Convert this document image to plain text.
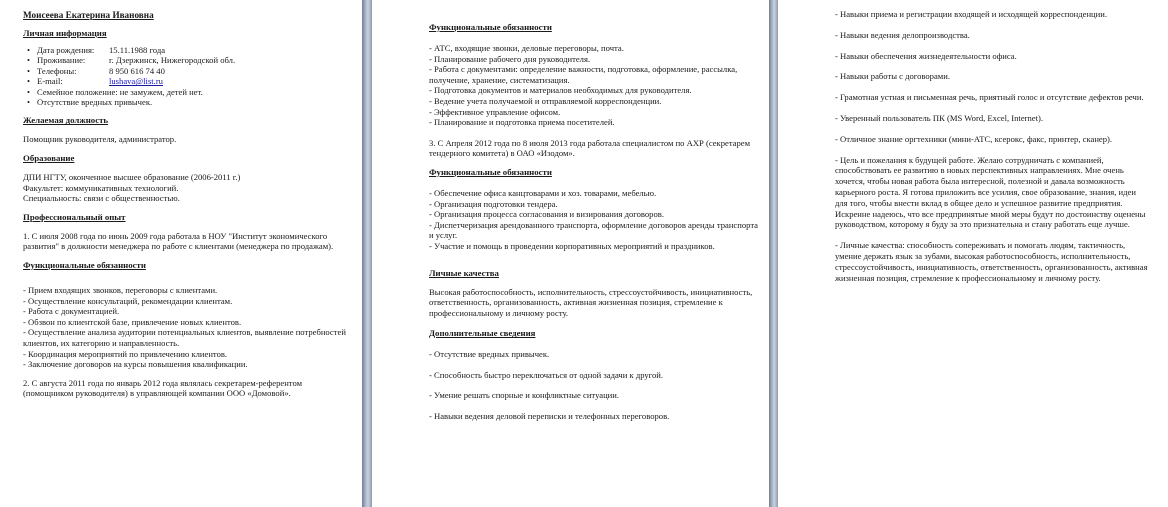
Моисеева Екатерина Ивановна

Личная информация

• Дата рождения: 15.11.1988 года
• Проживание:	г. Дзержинск, Нижегородской обл.
• Телефоны:	8 950 616 74 40
• E-mail:	lushava@list.ru
• Семейное положение: не замужем, детей нет.
• Отсутствие вредных привычек.

Желаемая должность

Помощник руководителя, администратор.

Образование

ДПИ НГТУ, оконченное высшее образование (2006-2011 г.)

Факультет: коммуникативных технологий.

Специальность: связи с общественностью.

Профессиональный опыт

1. С июля 2008 года по июнь 2009 года работала в НОУ "Институт экономического развития" в должности менеджера по работе с клиентами (менеджера по продажам).

Функциональные обязанности

- Прием входящих звонков, переговоры с клиентами.

- Осуществление консультаций, рекомендации клиентам.

- Работа с документацией.

- Обзвон по клиентской базе, привлечение новых клиентов.

- Осуществление анализа аудитории потенциальных клиентов, выявление потребностей клиентов, их категорию и направленность.

- Координация мероприятий по привлечению клиентов.

- Заключение договоров на курсы повышения квалификации.

2. С августа 2011 года по январь 2012 года являлась секретарем-референтом (помощником руководителя) в управляющей компании ООО «Домовой».

Функциональные обязанности

- АТС, входящие звонки, деловые переговоры, почта.

- Планирование рабочего дня руководителя.

- Работа с документами: определение важности, подготовка, оформление, рассылка, получение, хранение, систематизация.

- Подготовка документов и материалов необходимых для руководителя.

- Ведение учета получаемой и отправляемой корреспонденции.

- Эффективное управление офисом.

- Планирование и подготовка приема посетителей.

3. С Апреля 2012 года по 8 июля 2013 года работала специалистом по АХР (секретарем тендерного комитета) в ОАО «Изодом».

Функциональные обязанности

- Обеспечение офиса канцтоварами и хоз. товарами, мебелью.

- Организация подготовки тендера.

- Организация процесса согласования и визирования договоров.

- Диспетчеризация арендованного транспорта, оформление договоров аренды транспорта и услуг.

- Участие и помощь в проведении корпоративных мероприятий и праздников.

Личные качества

Высокая работоспособность, исполнительность, стрессоустойчивость, инициативность, ответственность, организованность, активная жизненная позиция, стремление к профессиональному и личному росту.

Дополнительные сведения

- Отсутствие вредных привычек.

- Способность быстро переключаться от одной задачи к другой.

- Умение решать спорные и конфликтные ситуации.

- Навыки ведения деловой переписки и телефонных переговоров.

- Навыки приема и регистрации входящей и исходящей корреспонденции.

- Навыки ведения делопроизводства.

- Навыки обеспечения жизнедеятельности офиса.

- Навыки работы с договорами.

- Грамотная устная и письменная речь, приятный голос и отсутствие дефектов речи.

- Уверенный пользователь ПК (MS Word, Excel, Internet).

- Отличное знание оргтехники (мини-АТС, ксерокс, факс, принтер, сканер).

- Цель и пожелания к будущей работе. Желаю сотрудничать с компанией, способствовать ее развитию в новых перспективных направлениях. Мне очень хочется, чтобы новая работа была интересной, полезной и давала возможность карьерного роста. Я готова приложить все усилия, свое образование, знания, идеи для того, чтобы внести вклад в общее дело и успешное развитие предприятия. Искренне надеюсь, что все предпринятые мной меры будут по достоинству оценены руководством, которому я буду за это признательна и стану работать еще лучше.

- Личные качества: способность сопереживать и помогать людям, тактичность, умение держать язык за зубами, высокая работоспособность, исполнительность, стрессоустойчивость, инициативность, ответственность, организованность, активная жизненная позиция, стремление к профессиональному и личному росту.
